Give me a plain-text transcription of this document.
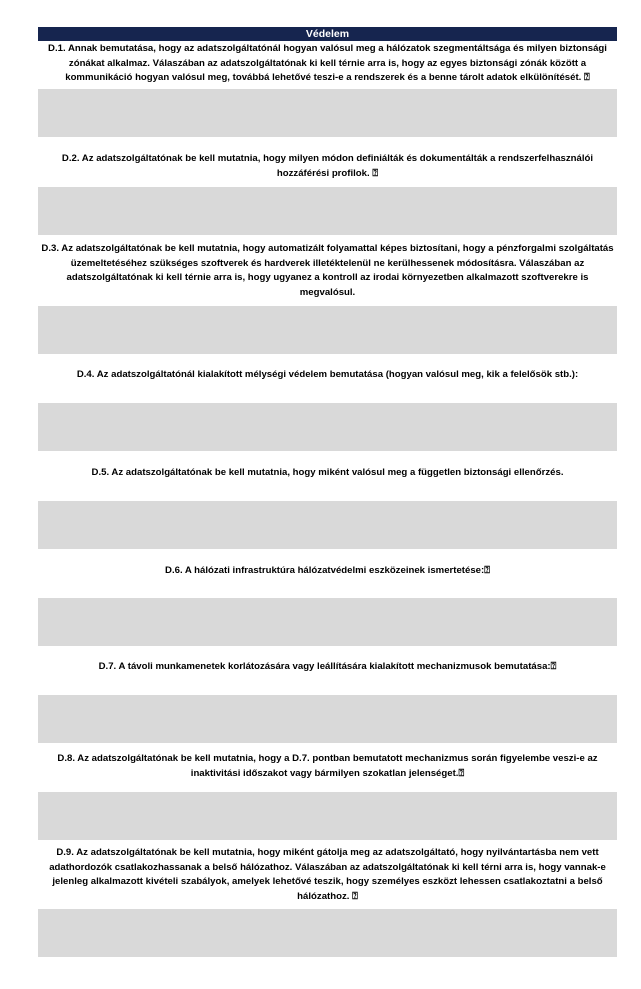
Védelem
D.1. Annak bemutatása, hogy az adatszolgáltatónál hogyan valósul meg a hálózatok szegmentáltsága és milyen biztonsági zónákat alkalmaz. Válaszában az adatszolgáltatónak ki kell térnie arra is, hogy az egyes biztonsági zónák között a kommunikáció hogyan valósul meg, továbbá lehetővé teszi-e a rendszerek és a benne tárolt adatok elkülönítését. ⍰
D.2. Az adatszolgáltatónak be kell mutatnia, hogy milyen módon definiálták és dokumentálták a rendszerfelhasználói hozzáférési profilok. ⍰
D.3. Az adatszolgáltatónak be kell mutatnia, hogy automatizált folyamattal képes biztosítani, hogy a pénzforgalmi szolgáltatás üzemeltetéséhez szükséges szoftverek és hardverek illetéktelenül ne kerülhessenek módosításra. Válaszában az adatszolgáltatónak ki kell térnie arra is, hogy ugyanez a kontroll az irodai környezetben alkalmazott szoftverekre is megvalósul.
D.4. Az adatszolgáltatónál kialakított mélységi védelem bemutatása (hogyan valósul meg, kik a felelősök stb.):
D.5. Az adatszolgáltatónak be kell mutatnia, hogy miként valósul meg a független biztonsági ellenőrzés.
D.6. A hálózati infrastruktúra hálózatvédelmi eszközeinek ismertetése:⍰
D.7. A távoli munkamenetek korlátozására vagy leállítására kialakított mechanizmusok bemutatása:⍰
D.8. Az adatszolgáltatónak be kell mutatnia, hogy a D.7. pontban bemutatott mechanizmus során figyelembe veszi-e az inaktivitási időszakot vagy bármilyen szokatlan jelenséget.⍰
D.9. Az adatszolgáltatónak be kell mutatnia, hogy miként gátolja meg az adatszolgáltató, hogy nyilvántartásba nem vett adathordozók csatlakozhassanak a belső hálózathoz. Válaszában az adatszolgáltatónak ki kell térni arra is, hogy vannak-e jelenleg alkalmazott kivételi szabályok, amelyek lehetővé teszik, hogy személyes eszközt lehessen csatlakoztatni a belső hálózathoz. ⍰
